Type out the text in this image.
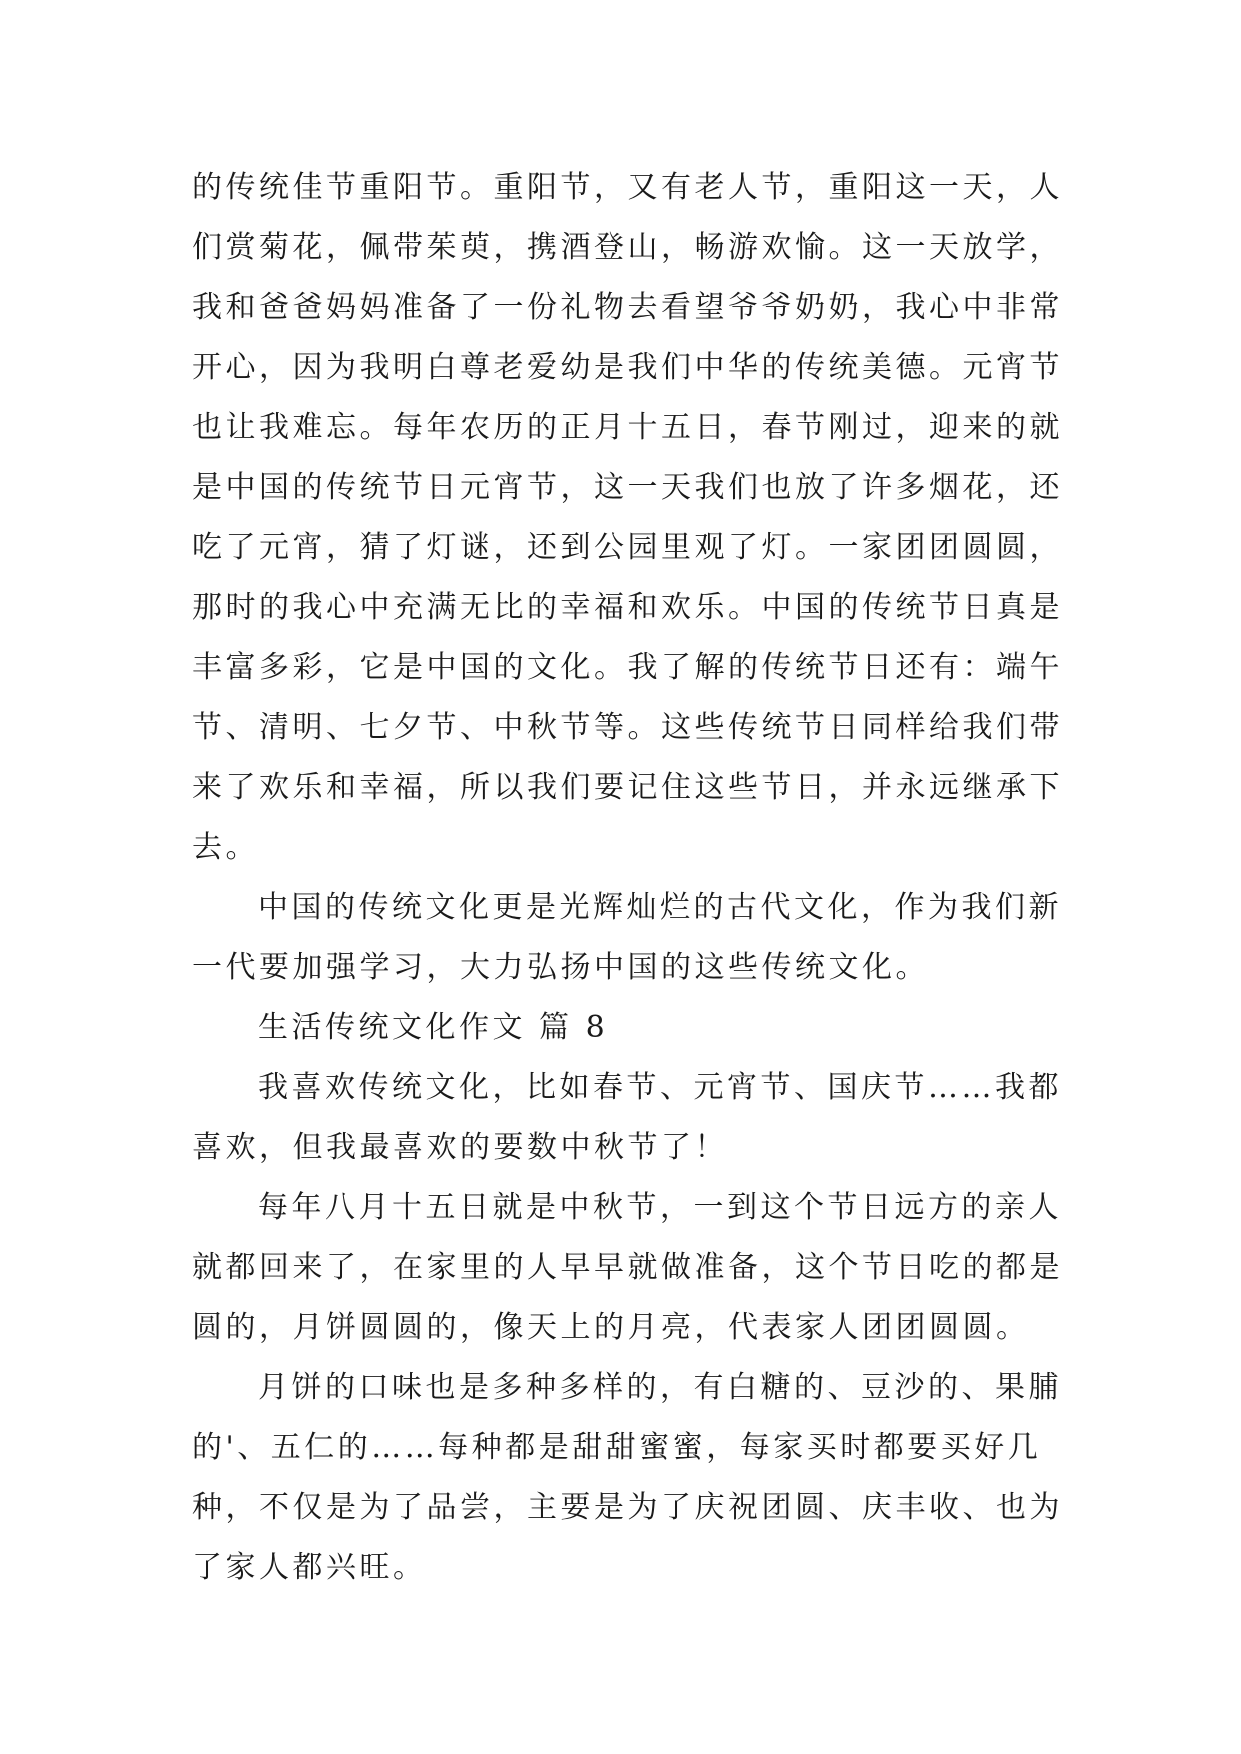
的传统佳节重阳节。重阳节，又有老人节，重阳这一天，人
们赏菊花，佩带茱萸，携酒登山，畅游欢愉。这一天放学，
我和爸爸妈妈准备了一份礼物去看望爷爷奶奶，我心中非常
开心，因为我明白尊老爱幼是我们中华的传统美德。元宵节
也让我难忘。每年农历的正月十五日，春节刚过，迎来的就
是中国的传统节日元宵节，这一天我们也放了许多烟花，还
吃了元宵，猜了灯谜，还到公园里观了灯。一家团团圆圆，
那时的我心中充满无比的幸福和欢乐。中国的传统节日真是
丰富多彩，它是中国的文化。我了解的传统节日还有：端午
节、清明、七夕节、中秋节等。这些传统节日同样给我们带
来了欢乐和幸福，所以我们要记住这些节日，并永远继承下
去。
中国的传统文化更是光辉灿烂的古代文化，作为我们新
一代要加强学习，大力弘扬中国的这些传统文化。
生活传统文化作文 篇 8
我喜欢传统文化，比如春节、元宵节、国庆节……我都
喜欢，但我最喜欢的要数中秋节了！
每年八月十五日就是中秋节，一到这个节日远方的亲人
就都回来了，在家里的人早早就做准备，这个节日吃的都是
圆的，月饼圆圆的，像天上的月亮，代表家人团团圆圆。
月饼的口味也是多种多样的，有白糖的、豆沙的、果脯
的'、五仁的……每种都是甜甜蜜蜜，每家买时都要买好几
种，不仅是为了品尝，主要是为了庆祝团圆、庆丰收、也为
了家人都兴旺。
